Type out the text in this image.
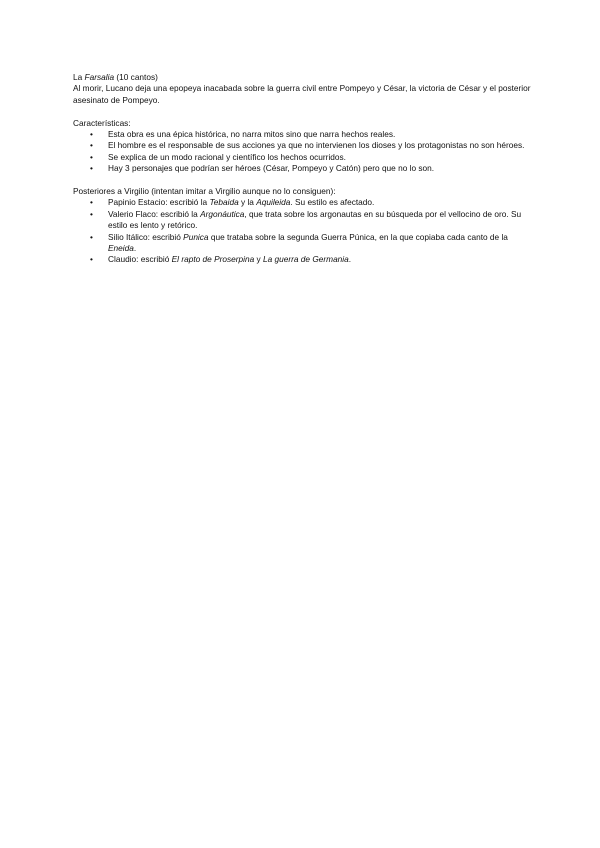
La Farsalia (10 cantos)

Al morir, Lucano deja una epopeya inacabada sobre la guerra civil entre Pompeyo y César, la victoria de César y el posterior asesinato de Pompeyo.

Características:

• Esta obra es una épica histórica, no narra mitos sino que narra hechos reales.
• El hombre es el responsable de sus acciones ya que no intervienen los dioses y los protagonistas no son héroes.
• Se explica de un modo racional y científico los hechos ocurridos.
• Hay 3 personajes que podrían ser héroes (César, Pompeyo y Catón) pero que no lo son.

Posteriores a Virgilio (intentan imitar a Virgilio aunque no lo consiguen):

• Papinio Estacio: escribió la Tebaida y la Aquileida. Su estilo es afectado.
• Valerio Flaco: escribió la Argonáutica, que trata sobre los argonautas en su búsqueda por el vellocino de oro. Su estilo es lento y retórico.
• Silio Itálico: escribió Punica que trataba sobre la segunda Guerra Púnica, en la que copiaba cada canto de la Eneida.
• Claudio: escribió El rapto de Proserpina y La guerra de Germania.
